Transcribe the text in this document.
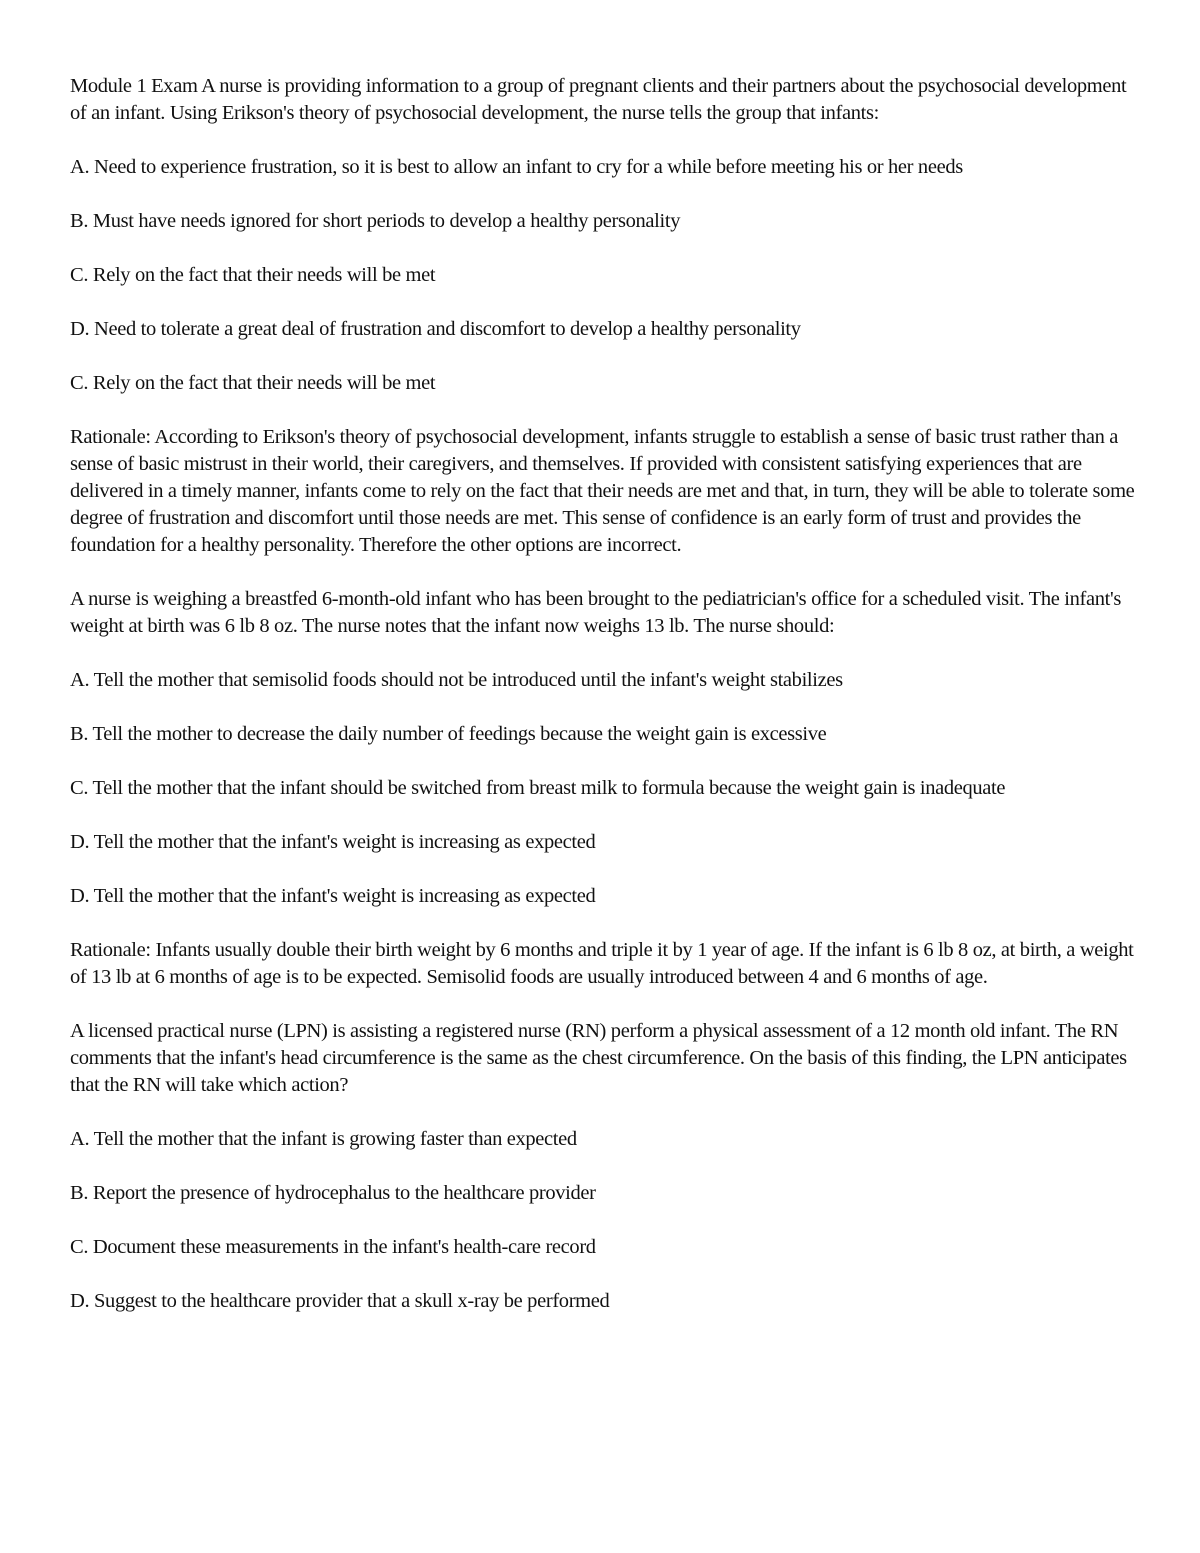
Module 1 Exam A nurse is providing information to a group of pregnant clients and their partners about the psychosocial development of an infant. Using Erikson's theory of psychosocial development, the nurse tells the group that infants:

A. Need to experience frustration, so it is best to allow an infant to cry for a while before meeting his or her needs

B. Must have needs ignored for short periods to develop a healthy personality

C. Rely on the fact that their needs will be met

D. Need to tolerate a great deal of frustration and discomfort to develop a healthy personality

C. Rely on the fact that their needs will be met

Rationale: According to Erikson's theory of psychosocial development, infants struggle to establish a sense of basic trust rather than a sense of basic mistrust in their world, their caregivers, and themselves. If provided with consistent satisfying experiences that are delivered in a timely manner, infants come to rely on the fact that their needs are met and that, in turn, they will be able to tolerate some degree of frustration and discomfort until those needs are met. This sense of confidence is an early form of trust and provides the foundation for a healthy personality. Therefore the other options are incorrect.

A nurse is weighing a breastfed 6-month-old infant who has been brought to the pediatrician's office for a scheduled visit. The infant's weight at birth was 6 lb 8 oz. The nurse notes that the infant now weighs 13 lb. The nurse should:

A. Tell the mother that semisolid foods should not be introduced until the infant's weight stabilizes

B. Tell the mother to decrease the daily number of feedings because the weight gain is excessive

C. Tell the mother that the infant should be switched from breast milk to formula because the weight gain is inadequate

D. Tell the mother that the infant's weight is increasing as expected

D. Tell the mother that the infant's weight is increasing as expected

Rationale: Infants usually double their birth weight by 6 months and triple it by 1 year of age. If the infant is 6 lb 8 oz, at birth, a weight of 13 lb at 6 months of age is to be expected. Semisolid foods are usually introduced between 4 and 6 months of age.

A licensed practical nurse (LPN) is assisting a registered nurse (RN) perform a physical assessment of a 12 month old infant. The RN comments that the infant's head circumference is the same as the chest circumference. On the basis of this finding, the LPN anticipates that the RN will take which action?

A. Tell the mother that the infant is growing faster than expected

B. Report the presence of hydrocephalus to the healthcare provider

C. Document these measurements in the infant's health-care record

D. Suggest to the healthcare provider that a skull x-ray be performed
